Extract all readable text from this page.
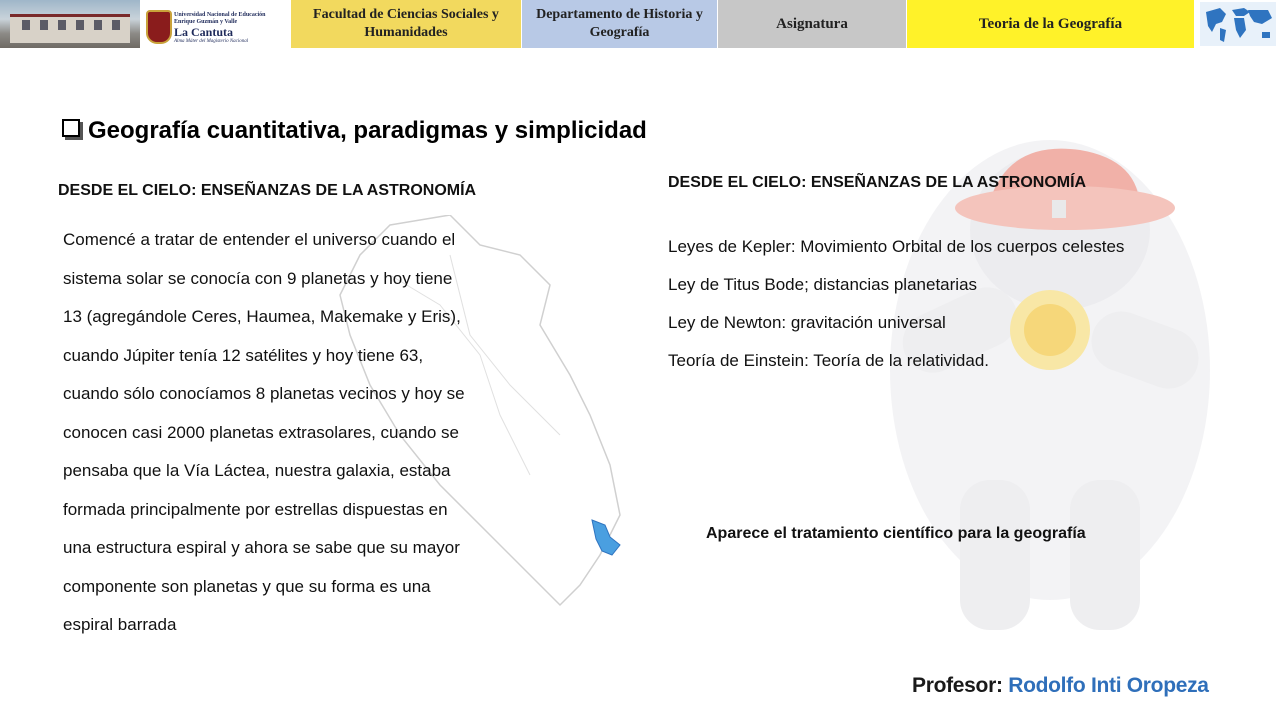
Universidad Nacional de Educación
Enrique Guzmán y Valle
La Cantuta
Alma Máter del Magisterio Nacional
Facultad de Ciencias Sociales y Humanidades
Departamento de Historia y Geografía
Asignatura	Teoria de la Geografía
Geografía cuantitativa, paradigmas y simplicidad
DESDE EL CIELO: ENSEÑANZAS DE LA ASTRONOMÍA
Comencé a tratar de entender el universo cuando el
sistema solar se conocía con 9 planetas y hoy tiene
13 (agregándole Ceres, Haumea, Makemake y Eris),
cuando Júpiter tenía 12 satélites y hoy tiene 63,
cuando sólo conocíamos 8 planetas vecinos y hoy se
conocen casi 2000 planetas extrasolares, cuando se
pensaba que la Vía Láctea, nuestra galaxia, estaba
formada principalmente por estrellas dispuestas en
una estructura espiral y ahora se sabe que su mayor
componente son planetas y que su forma es una
espiral barrada
DESDE EL CIELO: ENSEÑANZAS DE LA ASTRONOMÍA
Leyes de Kepler: Movimiento Orbital de los cuerpos celestes
Ley de Titus Bode; distancias planetarias
Ley de Newton: gravitación universal
Teoría de Einstein: Teoría de la relatividad.
Aparece el tratamiento científico para la geografía
Profesor: Rodolfo Inti Oropeza
